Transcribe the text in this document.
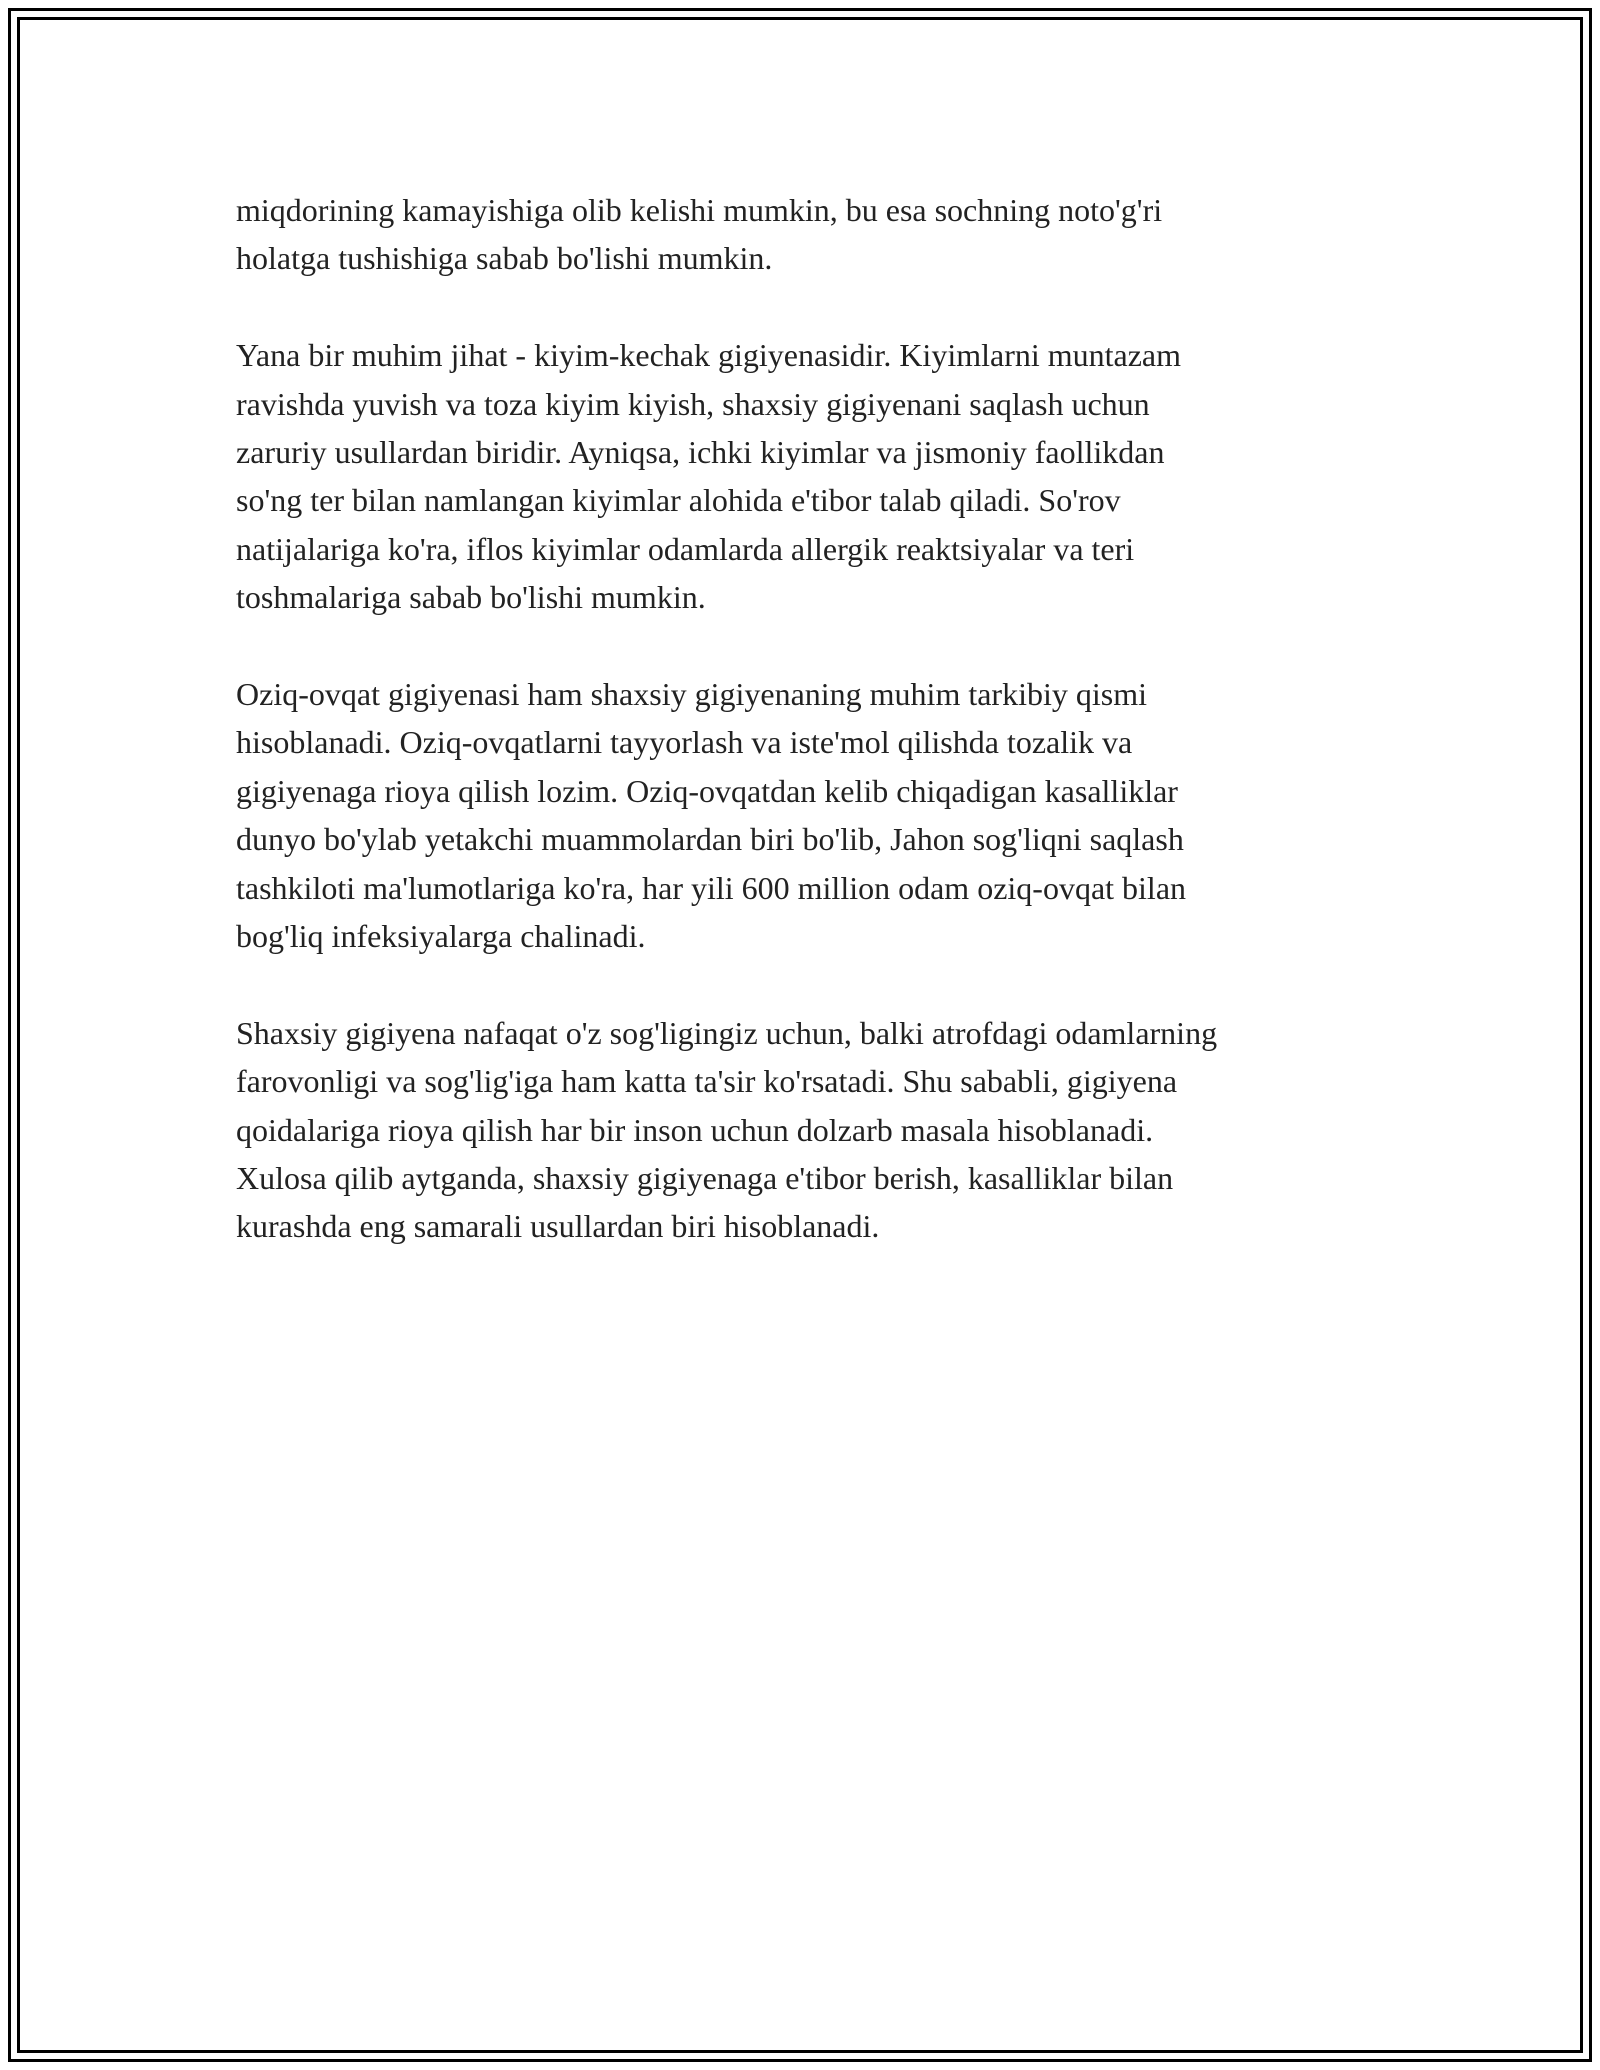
miqdorining kamayishiga olib kelishi mumkin, bu esa sochning noto'g'ri
holatga tushishiga sabab bo'lishi mumkin.

Yana bir muhim jihat - kiyim-kechak gigiyenasidir. Kiyimlarni muntazam
ravishda yuvish va toza kiyim kiyish, shaxsiy gigiyenani saqlash uchun
zaruriy usullardan biridir. Ayniqsa, ichki kiyimlar va jismoniy faollikdan
so'ng ter bilan namlangan kiyimlar alohida e'tibor talab qiladi. So'rov
natijalariga ko'ra, iflos kiyimlar odamlarda allergik reaktsiyalar va teri
toshmalariga sabab bo'lishi mumkin.

Oziq-ovqat gigiyenasi ham shaxsiy gigiyenaning muhim tarkibiy qismi
hisoblanadi. Oziq-ovqatlarni tayyorlash va iste'mol qilishda tozalik va
gigiyenaga rioya qilish lozim. Oziq-ovqatdan kelib chiqadigan kasalliklar
dunyo bo'ylab yetakchi muammolardan biri bo'lib, Jahon sog'liqni saqlash
tashkiloti ma'lumotlariga ko'ra, har yili 600 million odam oziq-ovqat bilan
bog'liq infeksiyalarga chalinadi.

Shaxsiy gigiyena nafaqat o'z sog'ligingiz uchun, balki atrofdagi odamlarning
farovonligi va sog'lig'iga ham katta ta'sir ko'rsatadi. Shu sababli, gigiyena
qoidalariga rioya qilish har bir inson uchun dolzarb masala hisoblanadi.
Xulosa qilib aytganda, shaxsiy gigiyenaga e'tibor berish, kasalliklar bilan
kurashda eng samarali usullardan biri hisoblanadi.
